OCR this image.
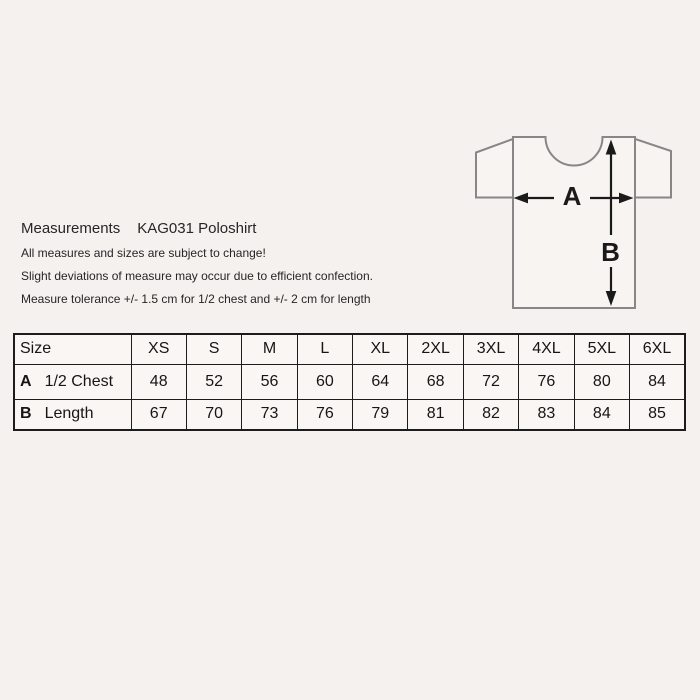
Measurements KAG031 Poloshirt
All measures and sizes are subject to change!
Slight deviations of measure may occur due to efficient confection.
Measure tolerance +/- 1.5 cm for 1/2 chest and +/- 2 cm for length
A
B
Size	XS	S	M	L	XL	2XL	3XL	4XL	5XL	6XL
A 1/2 Chest	48	52	56	60	64	68	72	76	80	84
B Length	67	70	73	76	79	81	82	83	84	85
